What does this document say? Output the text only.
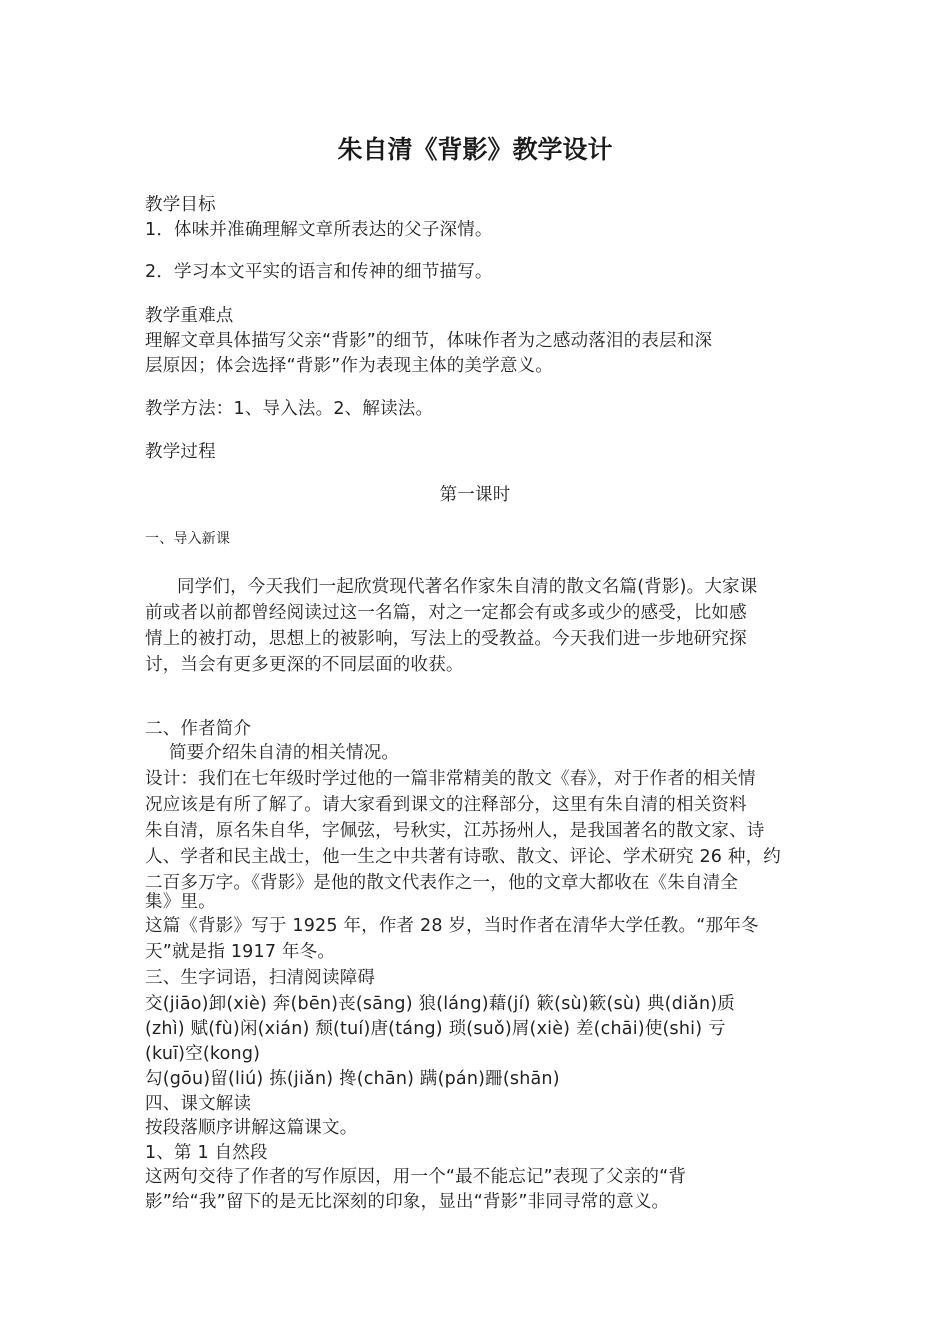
朱自清《背影》教学设计
教学目标
1．体味并准确理解文章所表达的父子深情。
2．学习本文平实的语言和传神的细节描写。
教学重难点
理解文章具体描写父亲“背影”的细节，体味作者为之感动落泪的表层和深
层原因；体会选择“背影”作为表现主体的美学意义。
教学方法：1、导入法。2、解读法。
教学过程
第一课时
一、导入新课
同学们，今天我们一起欣赏现代著名作家朱自清的散文名篇(背影)。大家课
前或者以前都曾经阅读过这一名篇，对之一定都会有或多或少的感受，比如感
情上的被打动，思想上的被影响，写法上的受教益。今天我们进一步地研究探
讨，当会有更多更深的不同层面的收获。
二、作者简介
简要介绍朱自清的相关情况。
设计：我们在七年级时学过他的一篇非常精美的散文《春》，对于作者的相关情
况应该是有所了解了。请大家看到课文的注释部分，这里有朱自清的相关资料
朱自清，原名朱自华，字佩弦，号秋实，江苏扬州人，是我国著名的散文家、诗
人、学者和民主战士，他一生之中共著有诗歌、散文、评论、学术研究 26 种，约
二百多万字。《背影》是他的散文代表作之一，他的文章大都收在《朱自清全
集》里。
这篇《背影》写于 1925 年，作者 28 岁，当时作者在清华大学任教。“那年冬
天”就是指 1917 年冬。
三、生字词语，扫清阅读障碍
交(jiāo)卸(xiè) 奔(bēn)丧(sāng) 狼(láng)藉(jí) 簌(sù)簌(sù) 典(diǎn)质
(zhì) 赋(fù)闲(xián) 颓(tuí)唐(táng) 琐(suǒ)屑(xiè) 差(chāi)使(shi) 亏
(kuī)空(kong)
勾(gōu)留(liú) 拣(jiǎn) 搀(chān) 蹒(pán)跚(shān)
四、课文解读
按段落顺序讲解这篇课文。
1、第 1 自然段
这两句交待了作者的写作原因，用一个“最不能忘记”表现了父亲的“背
影”给“我”留下的是无比深刻的印象，显出“背影”非同寻常的意义。
